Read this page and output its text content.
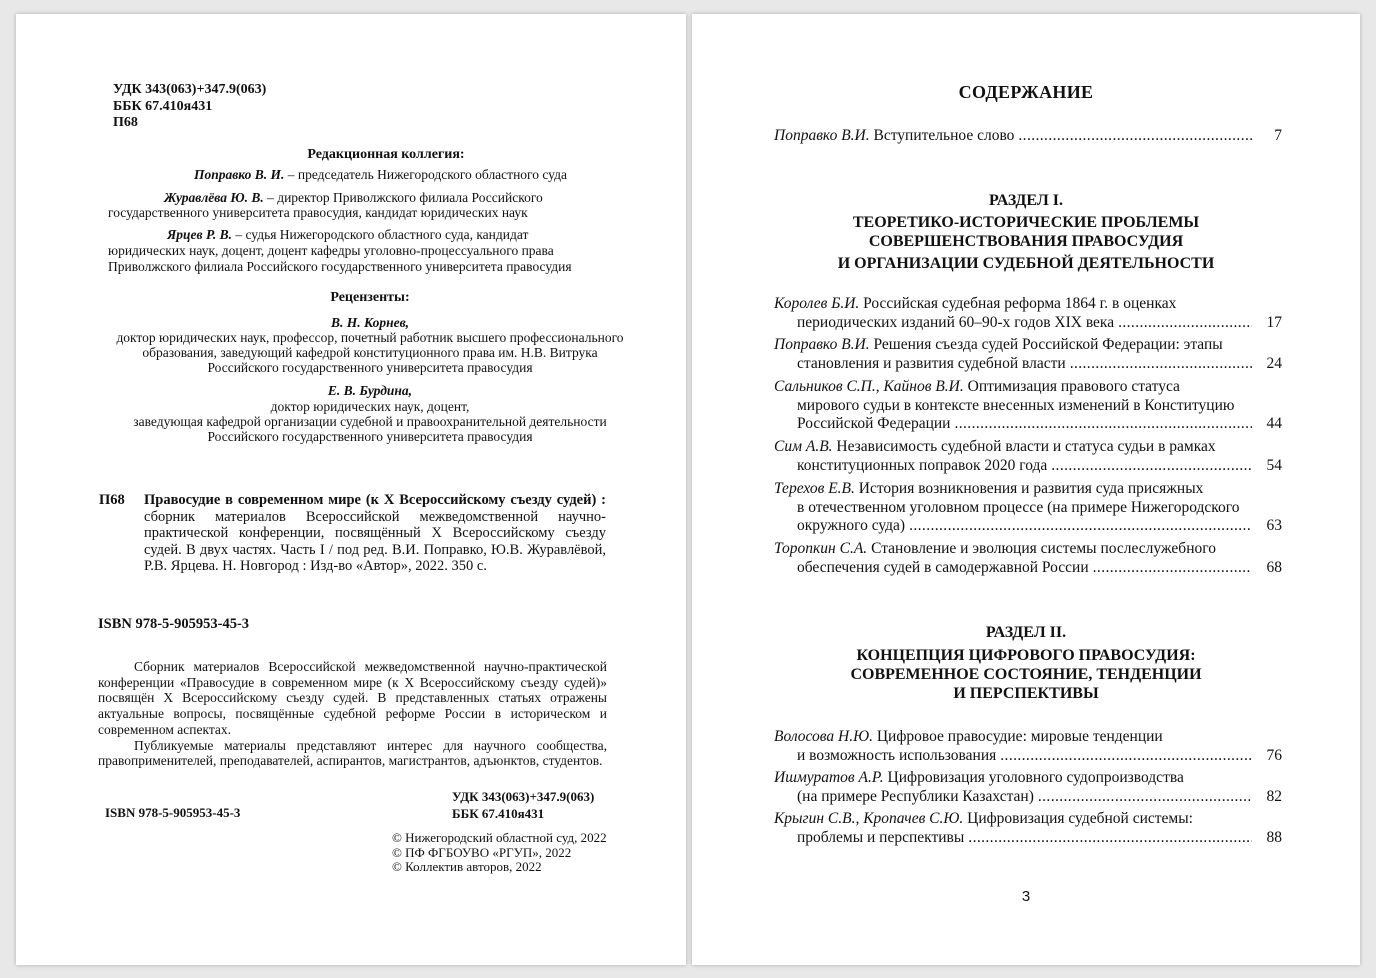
УДК 343(063)+347.9(063)
ББК 67.410я431
П68
Редакционная коллегия:
Поправко В. И. – председатель Нижегородского областного суда
Журавлёва Ю. В. – директор Приволжского филиала Российского
государственного университета правосудия, кандидат юридических наук
Ярцев Р. В. – судья Нижегородского областного суда, кандидат
юридических наук, доцент, доцент кафедры уголовно-процессуального права
Приволжского филиала Российского государственного университета правосудия
Рецензенты:
В. Н. Корнев,
доктор юридических наук, профессор, почетный работник высшего профессионального
образования, заведующий кафедрой конституционного права им. Н.В. Витрука
Российского государственного университета правосудия
Е. В. Бурдина,
доктор юридических наук, доцент,
заведующая кафедрой организации судебной и правоохранительной деятельности
Российского государственного университета правосудия
П68 Правосудие в современном мире (к X Всероссийскому съезду судей) : сборник материалов Всероссийской межведомственной научно-практической конференции, посвящённый X Всероссийскому съезду судей. В двух частях. Часть I / под ред. В.И. Поправко, Ю.В. Журавлёвой, Р.В. Ярцева. Н. Новгород : Изд-во «Автор», 2022. 350 с.
ISBN 978-5-905953-45-3

Сборник материалов Всероссийской межведомственной научно-практической конференции «Правосудие в современном мире (к X Всероссийскому съезду судей)» посвящён X Всероссийскому съезду судей. В представленных статьях отражены актуальные вопросы, посвящённые судебной реформе России в историческом и современном аспектах.

Публикуемые материалы представляют интерес для научного сообщества, правоприменителей, преподавателей, аспирантов, магистрантов, адъюнктов, студентов.

ISBN 978-5-905953-45-3
УДК 343(063)+347.9(063)
ББК 67.410я431
© Нижегородский областной суд, 2022
© ПФ ФГБОУВО «РГУП», 2022
© Коллектив авторов, 2022
СОДЕРЖАНИЕ
Поправко В.И. Вступительное слово .....	7
РАЗДЕЛ I.
ТЕОРЕТИКО-ИСТОРИЧЕСКИЕ ПРОБЛЕМЫ
СОВЕРШЕНСТВОВАНИЯ ПРАВОСУДИЯ
И ОРГАНИЗАЦИИ СУДЕБНОЙ ДЕЯТЕЛЬНОСТИ
Королев Б.И. Российская судебная реформа 1864 г. в оценках
периодических изданий 60–90-х годов XIX века .....	17
Поправко В.И. Решения съезда судей Российской Федерации: этапы
становления и развития судебной власти .....	24
Сальников С.П., Кайнов В.И. Оптимизация правового статуса
мирового судьи в контексте внесенных изменений в Конституцию
Российской Федерации .....	44
Сим А.В. Независимость судебной власти и статуса судьи в рамках
конституционных поправок 2020 года .....	54
Терехов Е.В. История возникновения и развития суда присяжных
в отечественном уголовном процессе (на примере Нижегородского
окружного суда) .....	63
Торопкин С.А. Становление и эволюция системы послеслужебного
обеспечения судей в самодержавной России .....	68
РАЗДЕЛ II.
КОНЦЕПЦИЯ ЦИФРОВОГО ПРАВОСУДИЯ:
СОВРЕМЕННОЕ СОСТОЯНИЕ, ТЕНДЕНЦИИ
И ПЕРСПЕКТИВЫ
Волосова Н.Ю. Цифровое правосудие: мировые тенденции
и возможность использования .....	76
Ишмуратов А.Р. Цифровизация уголовного судопроизводства
(на примере Республики Казахстан) .....	82
Крыгин С.В., Кропачев С.Ю. Цифровизация судебной системы:
проблемы и перспективы .....	88
3
